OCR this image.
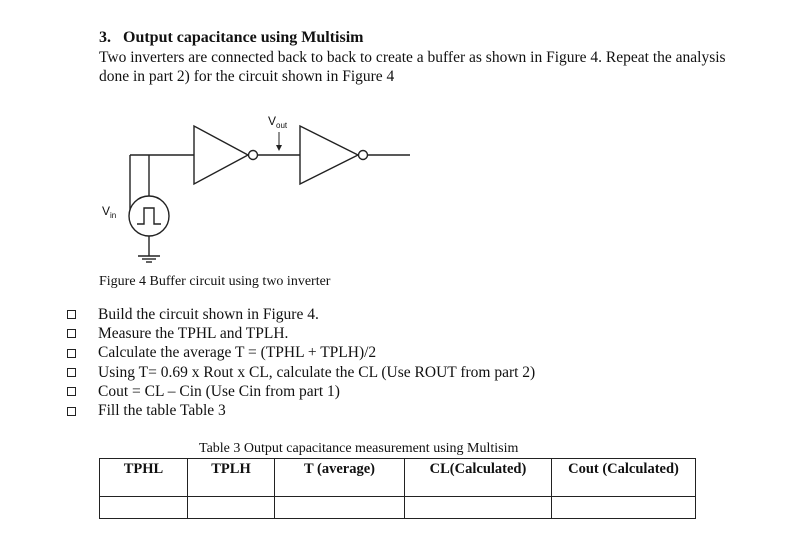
3. Output capacitance using Multisim
Two inverters are connected back to back to create a buffer as shown in Figure 4. Repeat the analysis done in part 2) for the circuit shown in Figure 4
$V_{in}$
$V_{out}$
Figure 4 Buffer circuit using two inverter
Build the circuit shown in Figure 4.
Measure the TPHL and TPLH.
Calculate the average T = (TPHL + TPLH)/2
Using T= 0.69 x Rout x CL, calculate the CL (Use ROUT from part 2)
Cout = CL – Cin (Use Cin from part 1)
Fill the table Table 3
Table 3 Output capacitance measurement using Multisim
TPHL	TPLH	T (average)	CL(Calculated)	Cout (Calculated)
